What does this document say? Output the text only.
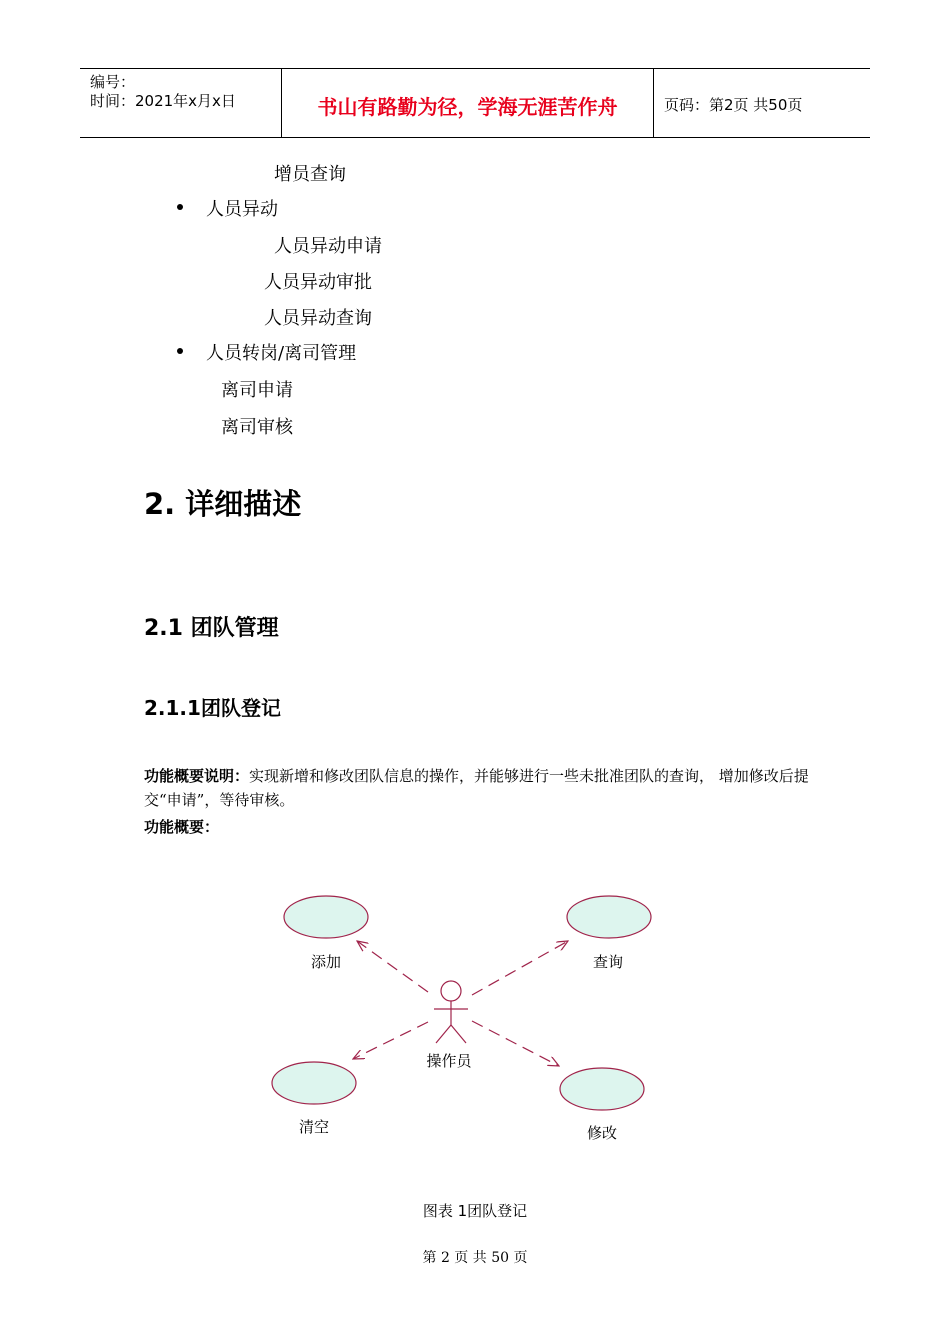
编号：
时间：2021年x月x日	书山有路勤为径，学海无涯苦作舟	页码：第2页 共50页
增员查询
人员异动
人员异动申请
人员异动审批
人员异动查询
人员转岗/离司管理
离司申请
离司审核
2. 详细描述
2.1 团队管理
2.1.1团队登记
功能概要说明：实现新增和修改团队信息的操作，并能够进行一些未批准团队的查询， 增加修改后提交“申请”，等待审核。
功能概要：
添加	查询
清空	修改
操作员
图表 1团队登记
第 2 页 共 50 页
